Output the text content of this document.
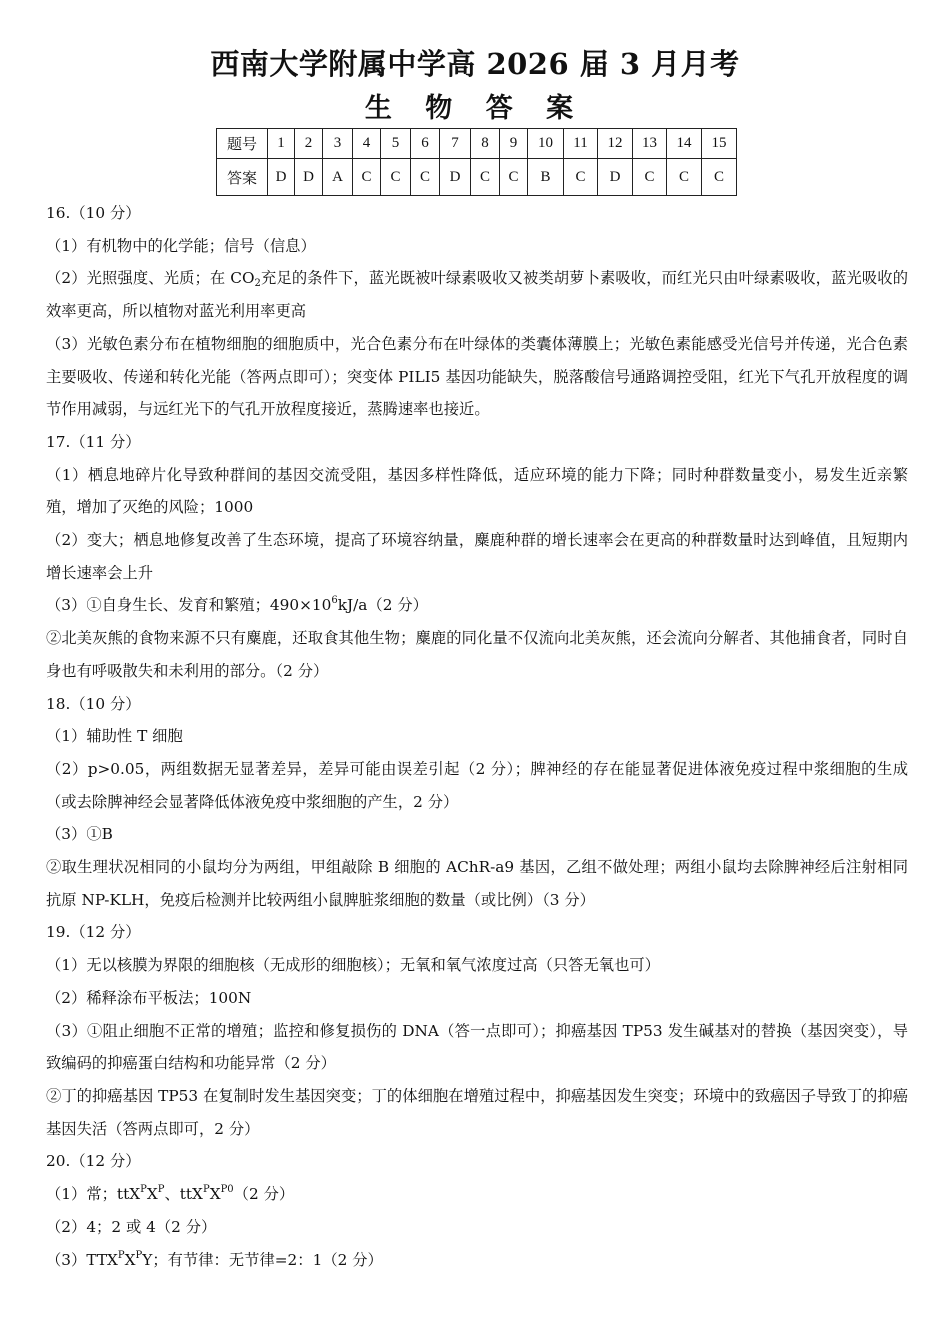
西南大学附属中学高 2026 届 3 月月考
生 物 答 案
题号	1	2	3	4	5	6	7	8	9	10	11	12	13	14	15
答案	D	D	A	C	C	C	D	C	C	B	C	D	C	C	C

16.（10 分）

（1）有机物中的化学能；信号（信息）

（2）光照强度、光质；在 $CO_2$充足的条件下，蓝光既被叶绿素吸收又被类胡萝卜素吸收，而红光只由叶绿素吸收，蓝光吸收的效率更高，所以植物对蓝光利用率更高

（3）光敏色素分布在植物细胞的细胞质中，光合色素分布在叶绿体的类囊体薄膜上；光敏色素能感受光信号并传递，光合色素主要吸收、传递和转化光能（答两点即可）；突变体 PILI5 基因功能缺失，脱落酸信号通路调控受阻，红光下气孔开放程度的调节作用减弱，与远红光下的气孔开放程度接近，蒸腾速率也接近。

17.（11 分）

（1）栖息地碎片化导致种群间的基因交流受阻，基因多样性降低，适应环境的能力下降；同时种群数量变小，易发生近亲繁殖，增加了灭绝的风险；1000

（2）变大；栖息地修复改善了生态环境，提高了环境容纳量，麋鹿种群的增长速率会在更高的种群数量时达到峰值，且短期内增长速率会上升

（3）①自身生长、发育和繁殖；$490\times 10^6kJ/a(2$ 分）

②北美灰熊的食物来源不只有麋鹿，还取食其他生物；麋鹿的同化量不仅流向北美灰熊，还会流向分解者、其他捕食者，同时自身也有呼吸散失和未利用的部分。（2 分）

18.（10 分）

（1）辅助性 T 细胞

（2）p>0.05，两组数据无显著差异，差异可能由误差引起（2 分）；脾神经的存在能显著促进体液免疫过程中浆细胞的生成（或去除脾神经会显著降低体液免疫中浆细胞的产生，2 分）

（3）①B

②取生理状况相同的小鼠均分为两组，甲组敲除 B 细胞的 AChR-a9 基因，乙组不做处理；两组小鼠均去除脾神经后注射相同抗原 NP-KLH，免疫后检测并比较两组小鼠脾脏浆细胞的数量（或比例）（3 分）

19.（12 分）

（1）无以核膜为界限的细胞核（无成形的细胞核）；无氧和氧气浓度过高（只答无氧也可）

（2）稀释涂布平板法；100N

（3）①阻止细胞不正常的增殖；监控和修复损伤的 DNA（答一点即可）；抑癌基因 TP53 发生碱基对的替换（基因突变），导致编码的抑癌蛋白结构和功能异常（2 分）

②丁的抑癌基因 TP53 在复制时发生基因突变；丁的体细胞在增殖过程中，抑癌基因发生突变；环境中的致癌因子导致丁的抑癌基因失活（答两点即可，2 分）

20.（12 分）

（1）常；$ttX^PX^P$、$ttX^PX^{P0}(2$ 分）

（2）4；2 或 4（2 分）

$(3)TTX^PX^PY$；有节律：无节律=2：1（2 分）
